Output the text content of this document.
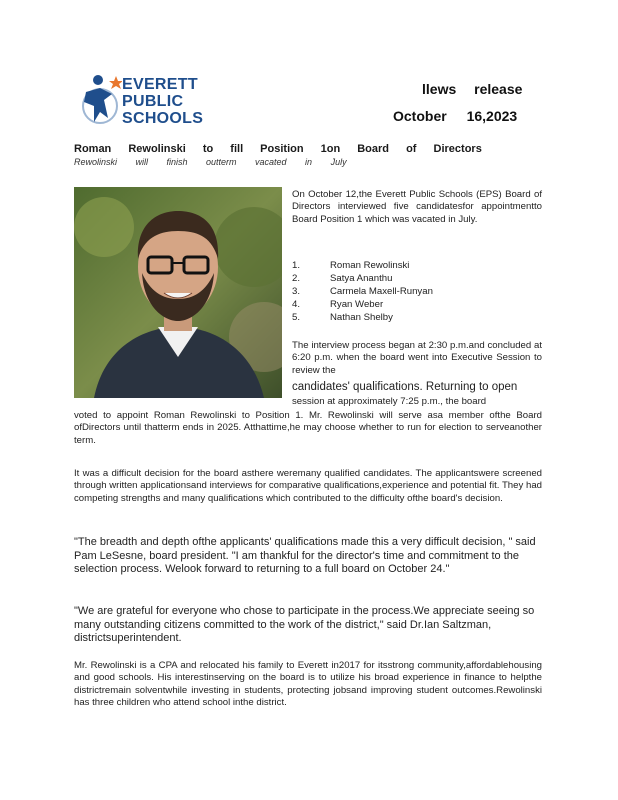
EVERETT
PUBLIC
SCHOOLS
llews release
October 16,2023
Roman Rewolinski to fill Position 1on Board of Directors
Rewolinski will finish outterm vacated in July
On October 12,the Everett Public Schools (EPS) Board of Directors interviewed five candidatesfor appointmentto Board Position 1 which was vacated in July.
1.	Roman Rewolinski
2.	Satya Ananthu
3.	Carmela Maxell-Runyan
4.	Ryan Weber
5.	Nathan Shelby
The interview process began at 2:30 p.m.and concluded at 6:20 p.m. when the board went into Executive Session to review the
candidates' qualifications. Returning to open
session at approximately 7:25 p.m., the board
voted to appoint Roman Rewolinski to Position 1. Mr. Rewolinski will serve asa member ofthe Board ofDirectors until thatterm ends in 2025. Atthattime,he may choose whether to run for election to serveanother term.
It was a difficult decision for the board asthere weremany qualified candidates. The applicantswere screened through written applicationsand interviews for comparative qualifications,experience and potential fit. They had competing strengths and many qualifications which contributed to the difficulty ofthe board's decision.
"The breadth and depth ofthe applicants' qualifications made this a very difficult decision, " said Pam LeSesne, board president. "I am thankful for the director's time and commitment to the selection process. Welook forward to returning to a full board on October 24."
"We are grateful for everyone who chose to participate in the process.We appreciate seeing so many outstanding citizens committed to the work of the district," said Dr.Ian Saltzman, districtsuperintendent.
Mr. Rewolinski is a CPA and relocated his family to Everett in2017 for itsstrong community,affordablehousing and good schools. His interestinserving on the board is to utilize his broad experience in finance to helpthe districtremain solventwhile investing in students, protecting jobsand improving student outcomes.Rewolinski has three children who attend school inthe district.
